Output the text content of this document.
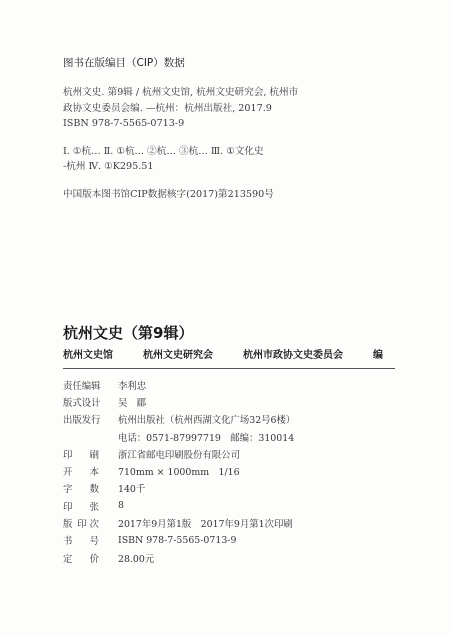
图书在版编目（CIP）数据
杭州文史. 第9辑 / 杭州文史馆, 杭州文史研究会, 杭州市
政协文史委员会编. —杭州：杭州出版社, 2017.9
ISBN 978-7-5565-0713-9
Ⅰ. ①杭… Ⅱ. ①杭… ②杭… ③杭… Ⅲ. ①文化史
-杭州 Ⅳ. ①K295.51
中国版本图书馆CIP数据核字(2017)第213590号
杭州文史（第9辑）
杭州文史馆	杭州文史研究会	杭州市政协文史委员会	编
责任编辑	李利忠
版式设计	吴　郿
出版发行	杭州出版社（杭州西湖文化广场32号6楼）
电话：0571-87997719　邮编：310014
印 刷 浙江省邮电印刷股份有限公司
开 本 710mm × 1000mm　1/16
字 数 140千
印 张 8
版 印 次 2017年9月第1版　2017年9月第1次印刷
书 号 ISBN 978-7-5565-0713-9
定 价 28.00元
